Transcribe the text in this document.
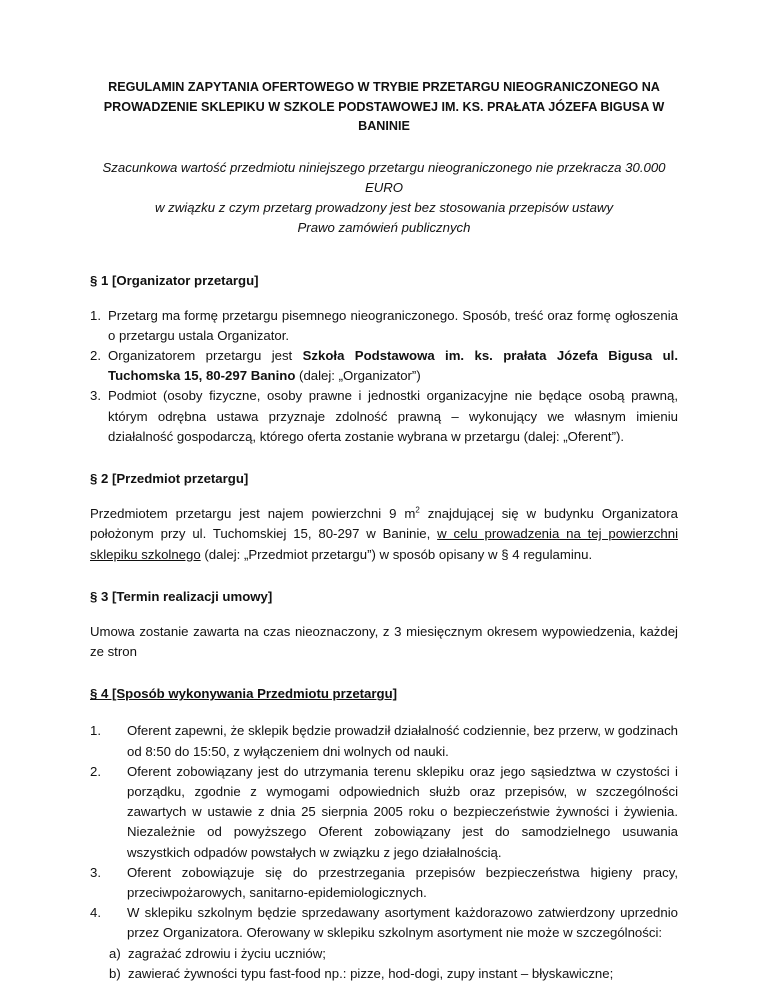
REGULAMIN ZAPYTANIA OFERTOWEGO W TRYBIE PRZETARGU NIEOGRANICZONEGO NA
PROWADZENIE SKLEPIKU W SZKOLE PODSTAWOWEJ IM. KS. PRAŁATA JÓZEFA BIGUSA W BANINIE

Szacunkowa wartość przedmiotu niniejszego przetargu nieograniczonego nie przekracza 30.000 EURO
w związku z czym przetarg prowadzony jest bez stosowania przepisów ustawy
Prawo zamówień publicznych
§ 1 [Organizator przetargu]
1. Przetarg ma formę przetargu pisemnego nieograniczonego. Sposób, treść oraz formę ogłoszenia o przetargu ustala Organizator.
2. Organizatorem przetargu jest Szkoła Podstawowa im. ks. prałata Józefa Bigusa ul. Tuchomska 15, 80-297 Banino (dalej: „Organizator”)
3. Podmiot (osoby fizyczne, osoby prawne i jednostki organizacyjne nie będące osobą prawną, którym odrębna ustawa przyznaje zdolność prawną – wykonujący we własnym imieniu działalność gospodarczą, którego oferta zostanie wybrana w przetargu (dalej: „Oferent”).
§ 2 [Przedmiot przetargu]
Przedmiotem przetargu jest najem powierzchni 9 $m^2$ znajdującej się w budynku Organizatora położonym przy ul. Tuchomskiej 15, 80-297 w Baninie, w celu prowadzenia na tej powierzchni sklepiku szkolnego (dalej: „Przedmiot przetargu”) w sposób opisany w § 4 regulaminu.
§ 3 [Termin realizacji umowy]
Umowa zostanie zawarta na czas nieoznaczony, z 3 miesięcznym okresem wypowiedzenia, każdej ze stron
§ 4 [Sposób wykonywania Przedmiotu przetargu]
1. Oferent zapewni, że sklepik będzie prowadził działalność codziennie, bez przerw, w godzinach od 8:50 do 15:50, z wyłączeniem dni wolnych od nauki.
2. Oferent zobowiązany jest do utrzymania terenu sklepiku oraz jego sąsiedztwa w czystości i porządku, zgodnie z wymogami odpowiednich służb oraz przepisów, w szczególności zawartych w ustawie z dnia 25 sierpnia 2005 roku o bezpieczeństwie żywności i żywienia. Niezależnie od powyższego Oferent zobowiązany jest do samodzielnego usuwania wszystkich odpadów powstałych w związku z jego działalnością.
3. Oferent zobowiązuje się do przestrzegania przepisów bezpieczeństwa higieny pracy, przeciwpożarowych, sanitarno-epidemiologicznych.
4. W sklepiku szkolnym będzie sprzedawany asortyment każdorazowo zatwierdzony uprzednio przez Organizatora. Oferowany w sklepiku szkolnym asortyment nie może w szczególności:
a) zagrażać zdrowiu i życiu uczniów;
b) zawierać żywności typu fast-food np.: pizze, hod-dogi, zupy instant – błyskawiczne;
